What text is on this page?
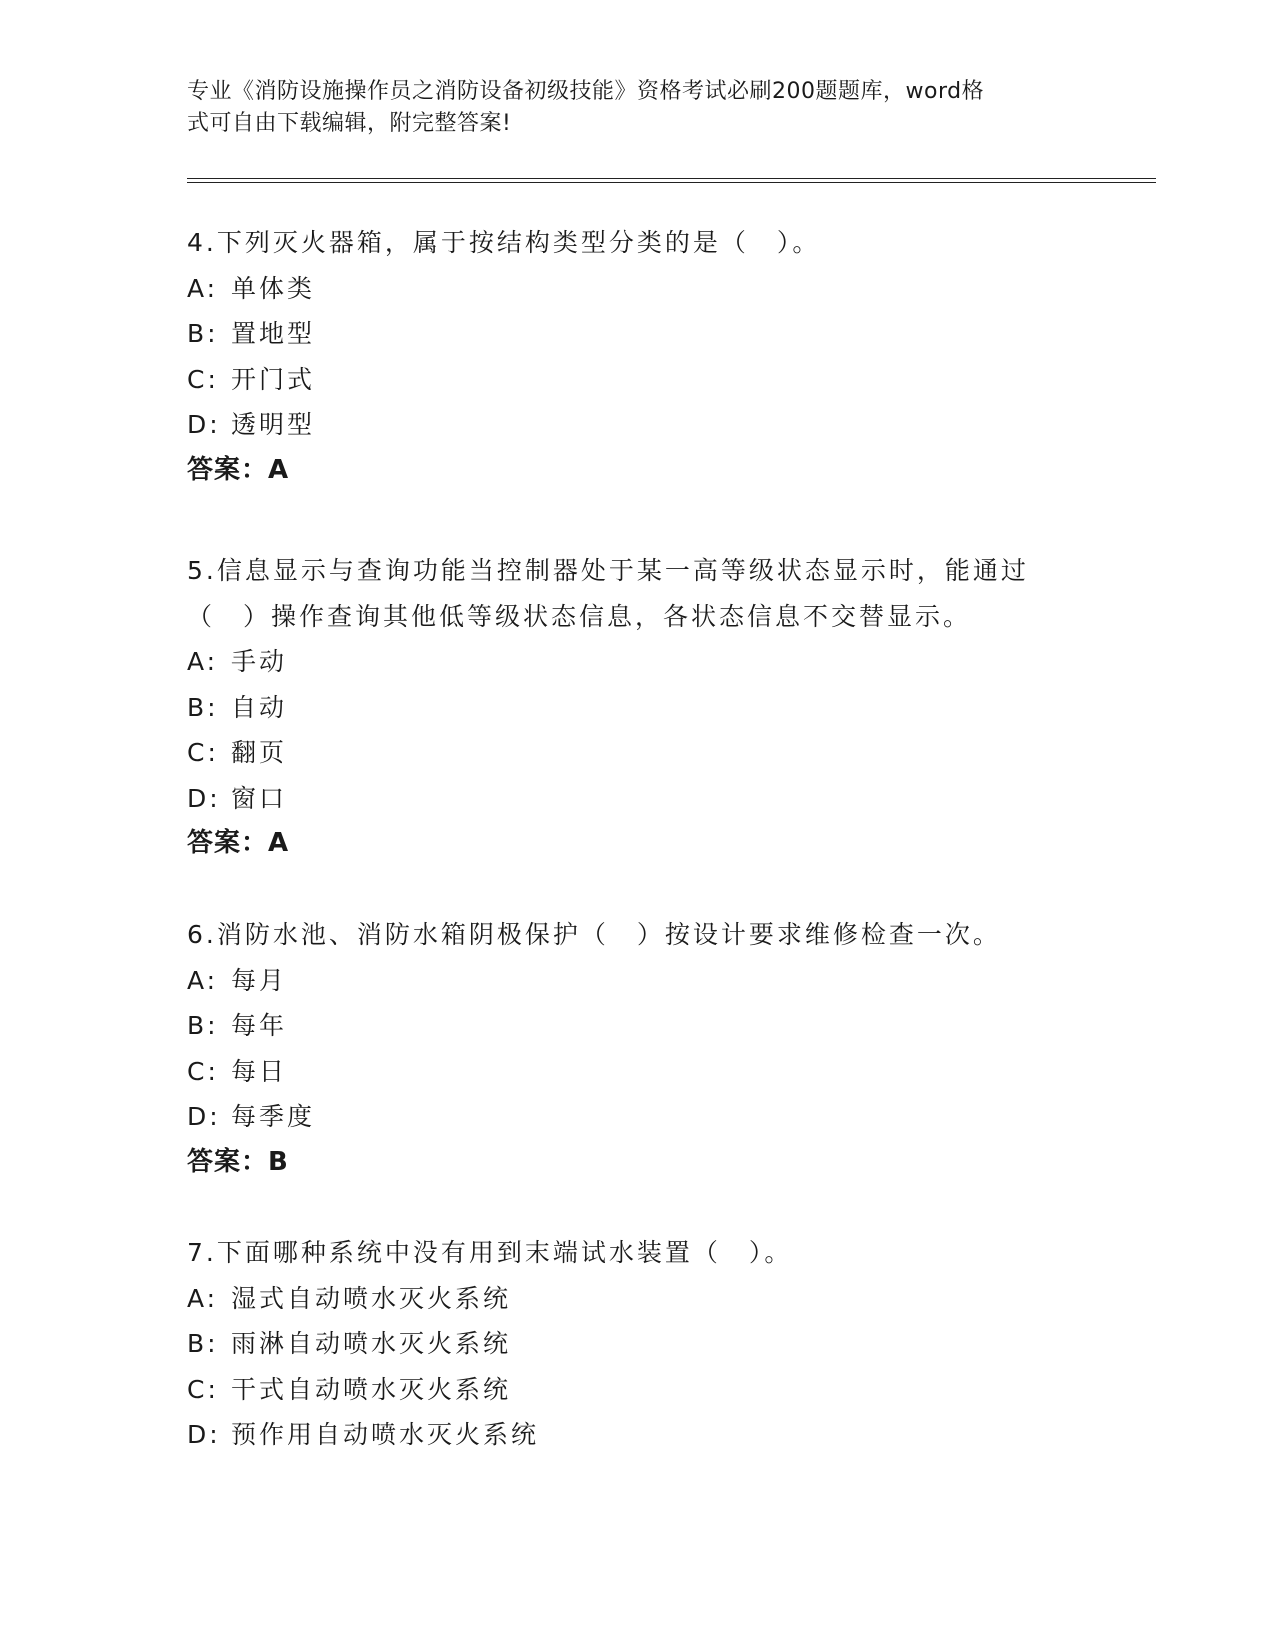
专业《消防设施操作员之消防设备初级技能》资格考试必刷200题题库，word格
式可自由下载编辑，附完整答案!
4.下列灭火器箱，属于按结构类型分类的是（　）。
A: 单体类
B: 置地型
C: 开门式
D: 透明型
答案：A
5.信息显示与查询功能当控制器处于某一高等级状态显示时，能通过
（　）操作查询其他低等级状态信息，各状态信息不交替显示。
A: 手动
B: 自动
C: 翻页
D: 窗口
答案：A
6.消防水池、消防水箱阴极保护（　）按设计要求维修检查一次。
A: 每月
B: 每年
C: 每日
D: 每季度
答案：B
7.下面哪种系统中没有用到末端试水装置（　）。
A: 湿式自动喷水灭火系统
B: 雨淋自动喷水灭火系统
C: 干式自动喷水灭火系统
D: 预作用自动喷水灭火系统
